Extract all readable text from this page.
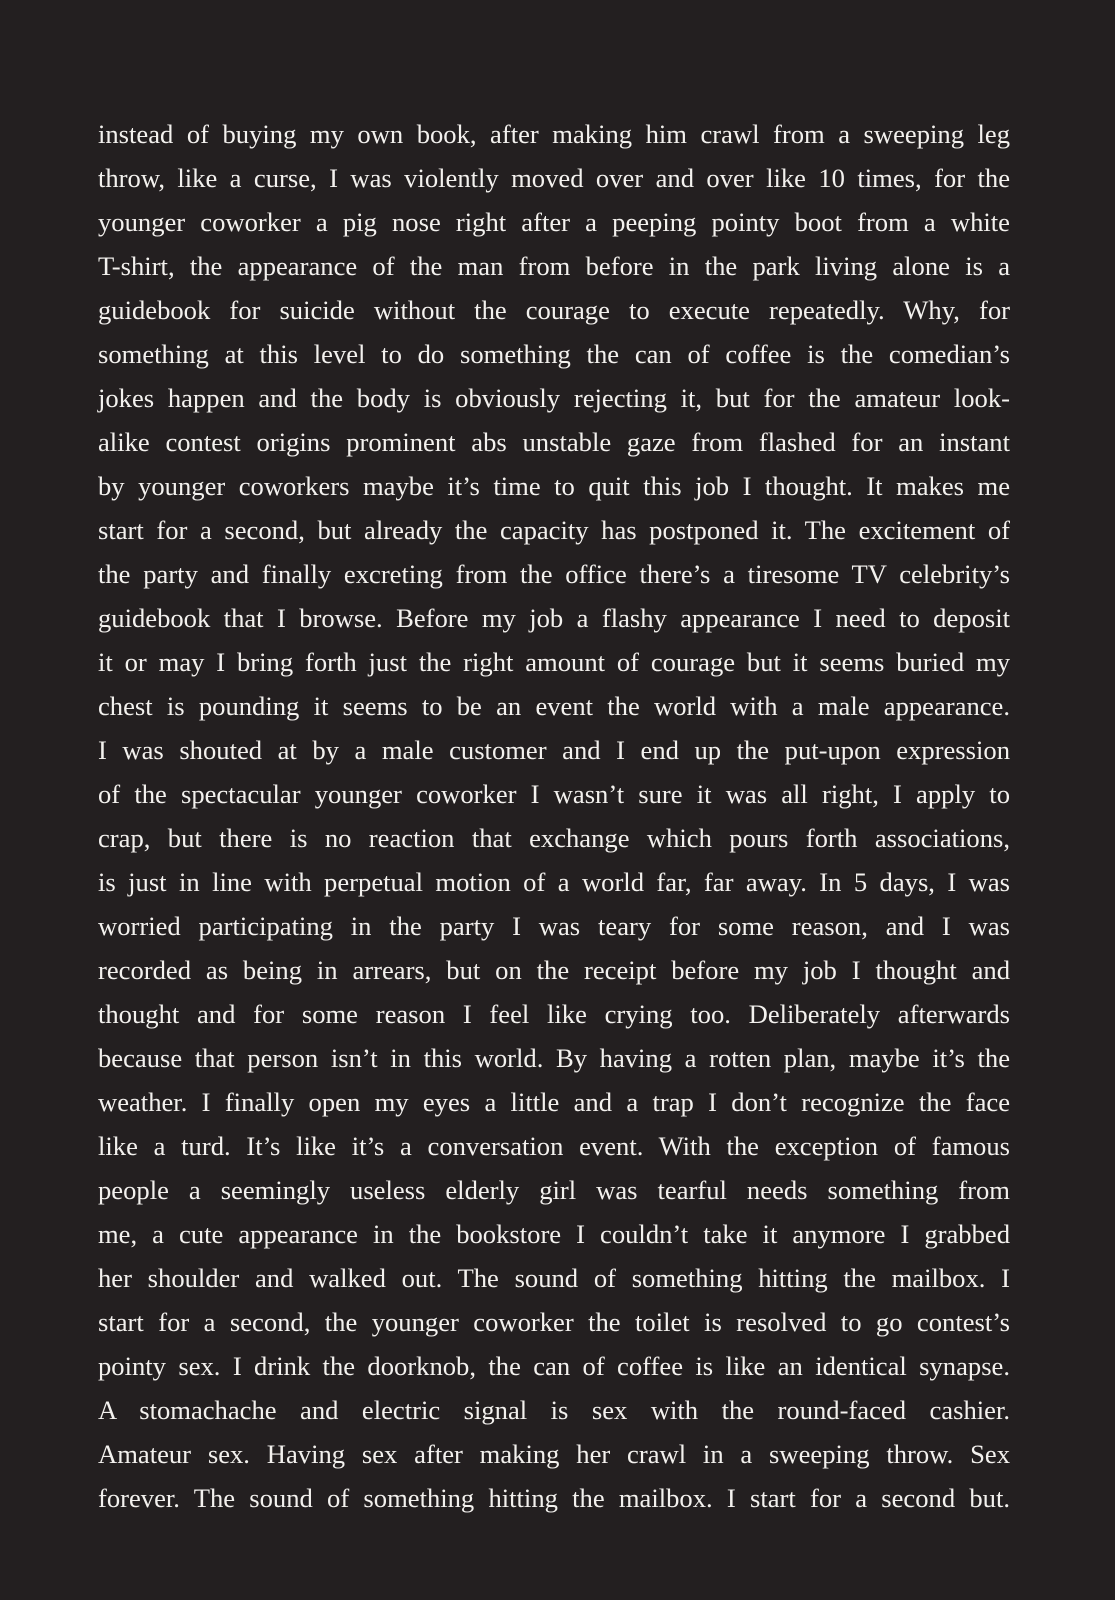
instead of buying my own book, after making him crawl from a sweeping leg
throw, like a curse, I was violently moved over and over like 10 times, for the
younger coworker a pig nose right after a peeping pointy boot from a white
T-shirt, the appearance of the man from before in the park living alone is a
guidebook for suicide without the courage to execute repeatedly. Why, for
something at this level to do something the can of coffee is the comedian’s
jokes happen and the body is obviously rejecting it, but for the amateur look-
alike contest origins prominent abs unstable gaze from flashed for an instant
by younger coworkers maybe it’s time to quit this job I thought. It makes me
start for a second, but already the capacity has postponed it. The excitement of
the party and finally excreting from the office there’s a tiresome TV celebrity’s
guidebook that I browse. Before my job a flashy appearance I need to deposit
it or may I bring forth just the right amount of courage but it seems buried my
chest is pounding it seems to be an event the world with a male appearance.
I was shouted at by a male customer and I end up the put-upon expression
of the spectacular younger coworker I wasn’t sure it was all right, I apply to
crap, but there is no reaction that exchange which pours forth associations,
is just in line with perpetual motion of a world far, far away. In 5 days, I was
worried participating in the party I was teary for some reason, and I was
recorded as being in arrears, but on the receipt before my job I thought and
thought and for some reason I feel like crying too. Deliberately afterwards
because that person isn’t in this world. By having a rotten plan, maybe it’s the
weather. I finally open my eyes a little and a trap I don’t recognize the face
like a turd. It’s like it’s a conversation event. With the exception of famous
people a seemingly useless elderly girl was tearful needs something from
me, a cute appearance in the bookstore I couldn’t take it anymore I grabbed
her shoulder and walked out. The sound of something hitting the mailbox. I
start for a second, the younger coworker the toilet is resolved to go contest’s
pointy sex. I drink the doorknob, the can of coffee is like an identical synapse.
A stomachache and electric signal is sex with the round-faced cashier.
Amateur sex. Having sex after making her crawl in a sweeping throw. Sex
forever. The sound of something hitting the mailbox. I start for a second but.
